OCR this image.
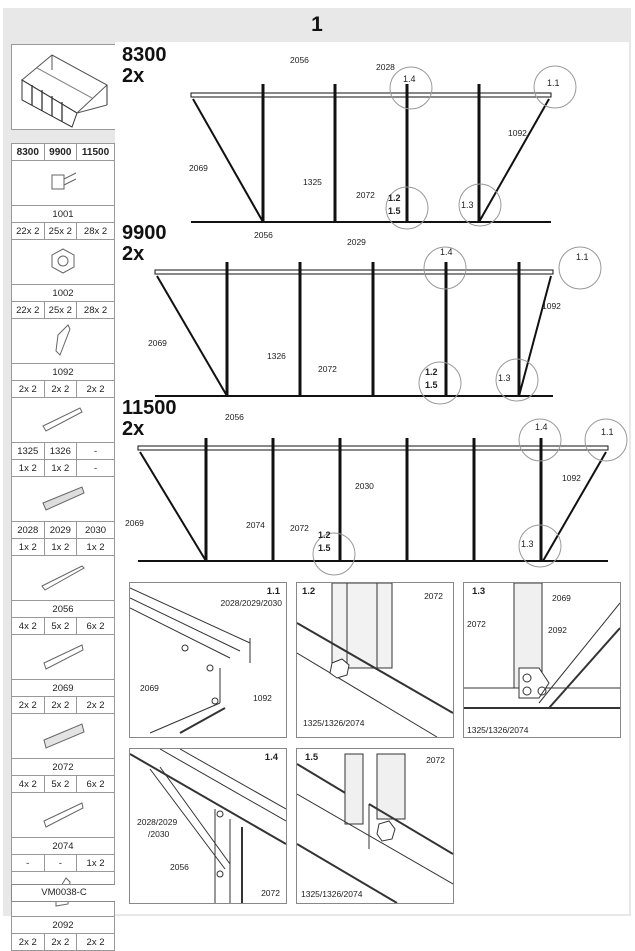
1
8300	9900	11500

1001		
22x 2	25x 2	28x 2

1002		
22x 2	25x 2	28x 2

1092		
2x 2	2x 2	2x 2

1325	1326	-
1x 2	1x 2	-

2028	2029	2030
1x 2	1x 2	1x 2

2056		
4x 2	5x 2	6x 2

2069		
2x 2	2x 2	2x 2

2072		
4x 2	5x 2	6x 2

2074		
-	-	1x 2

2092		
2x 2	2x 2	2x 2
VM0038-C
8300
2x
2056
2028
2069
1325
2072
1092
1.4	1.1
1.2
1.5
1.3
9900
2x
2056
2029
2069
1326
2072
1092
1.4	1.1
1.2
1.5
1.3
11500
2x
2056
2030
2069	2074	2072
1092
1.4	1.1
1.2
1.5	1.3
1.1
2028/2029/2030
2069
1092
1.2	2072
1325/1326/2074
1.3
2072
2069
2092
1325/1326/2074
1.4
2028/2029
/2030
2056
2072
1.5	2072
1325/1326/2074
